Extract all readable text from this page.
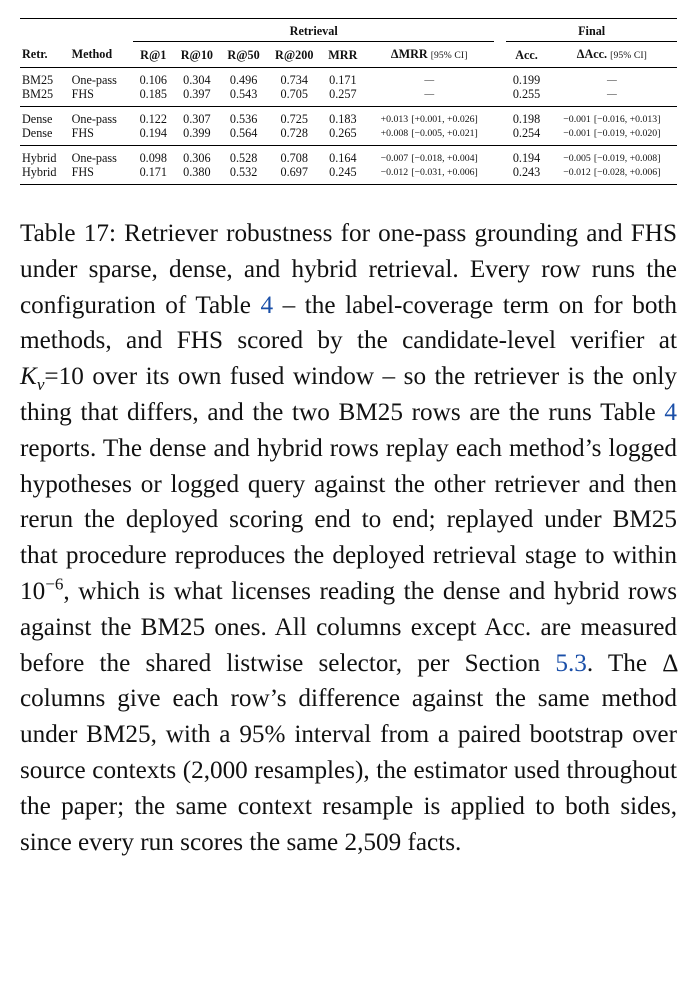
		Retrieval							Final	
Retr.	Method	R@1	R@10	R@50	R@200	MRR	ΔMRR [95% CI]		Acc.	ΔAcc. [95% CI]
BM25	One-pass	0.106	0.304	0.496	0.734	0.171	—		0.199	—
BM25	FHS	0.185	0.397	0.543	0.705	0.257	—		0.255	—
Dense	One-pass	0.122	0.307	0.536	0.725	0.183	+0.013 [+0.001, +0.026]		0.198	−0.001 [−0.016, +0.013]
Dense	FHS	0.194	0.399	0.564	0.728	0.265	+0.008 [−0.005, +0.021]		0.254	−0.001 [−0.019, +0.020]
Hybrid	One-pass	0.098	0.306	0.528	0.708	0.164	−0.007 [−0.018, +0.004]		0.194	−0.005 [−0.019, +0.008]
Hybrid	FHS	0.171	0.380	0.532	0.697	0.245	−0.012 [−0.031, +0.006]		0.243	−0.012 [−0.028, +0.006]

Table 17: Retriever robustness for one-pass grounding and FHS under sparse, dense, and hybrid retrieval. Every row runs the configuration of Table 4 – the label-coverage term on for both methods, and FHS scored by the candidate-level verifier at $K_v=10$ over its own fused window – so the retriever is the only thing that differs, and the two BM25 rows are the runs Table 4 reports. The dense and hybrid rows replay each method’s logged hypotheses or logged query against the other retriever and then rerun the deployed scoring end to end; replayed under BM25 that procedure reproduces the deployed retrieval stage to within $10^{-6}$, which is what licenses reading the dense and hybrid rows against the BM25 ones. All columns except Acc. are measured before the shared listwise selector, per Section 5.3. The Δ columns give each row’s difference against the same method under BM25, with a 95% interval from a paired bootstrap over source contexts (2,000 resamples), the estimator used throughout the paper; the same context resample is applied to both sides, since every run scores the same 2,509 facts.
